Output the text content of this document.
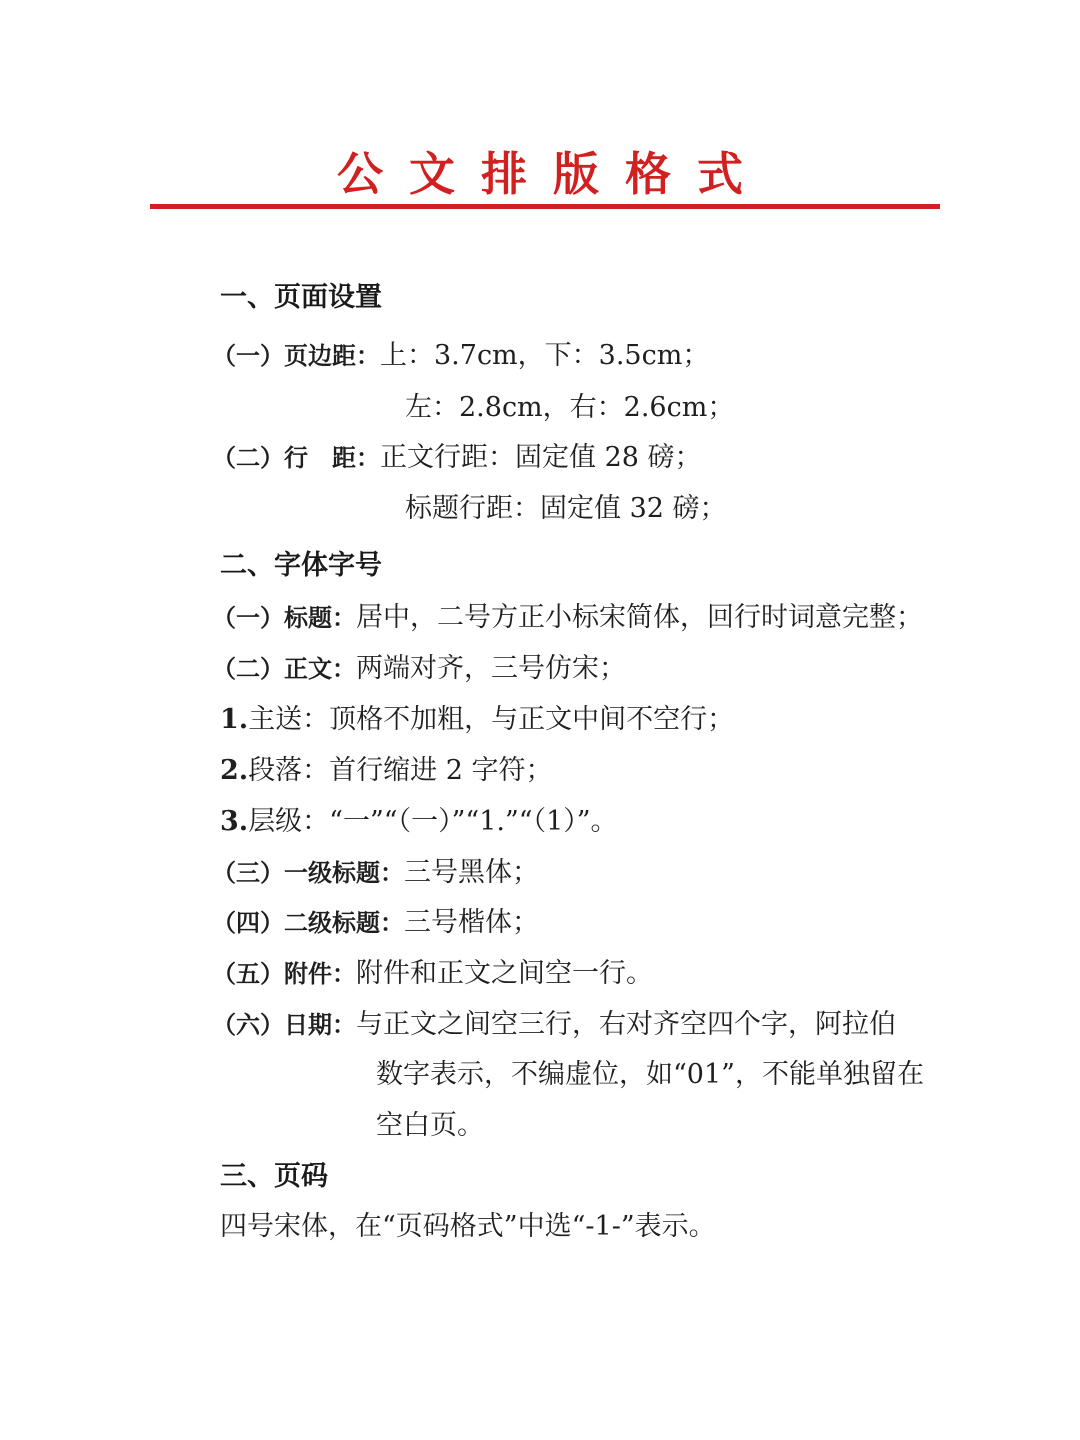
公文排版格式
一、页面设置
（一）页边距：上：3.7cm，下：3.5cm；
左：2.8cm，右：2.6cm；
（二）行　距：正文行距：固定值 28 磅；
标题行距：固定值 32 磅；
二、字体字号
（一）标题：居中，二号方正小标宋简体，回行时词意完整；
（二）正文：两端对齐，三号仿宋；
1.主送：顶格不加粗，与正文中间不空行；
2.段落：首行缩进 2 字符；
3.层级：“一”“（一）”“1.”“（1）”。
（三）一级标题：三号黑体；
（四）二级标题：三号楷体；
（五）附件：附件和正文之间空一行。
（六）日期：与正文之间空三行，右对齐空四个字，阿拉伯
数字表示，不编虚位，如“01”，不能单独留在
空白页。
三、页码
四号宋体，在“页码格式”中选“-1-”表示。
